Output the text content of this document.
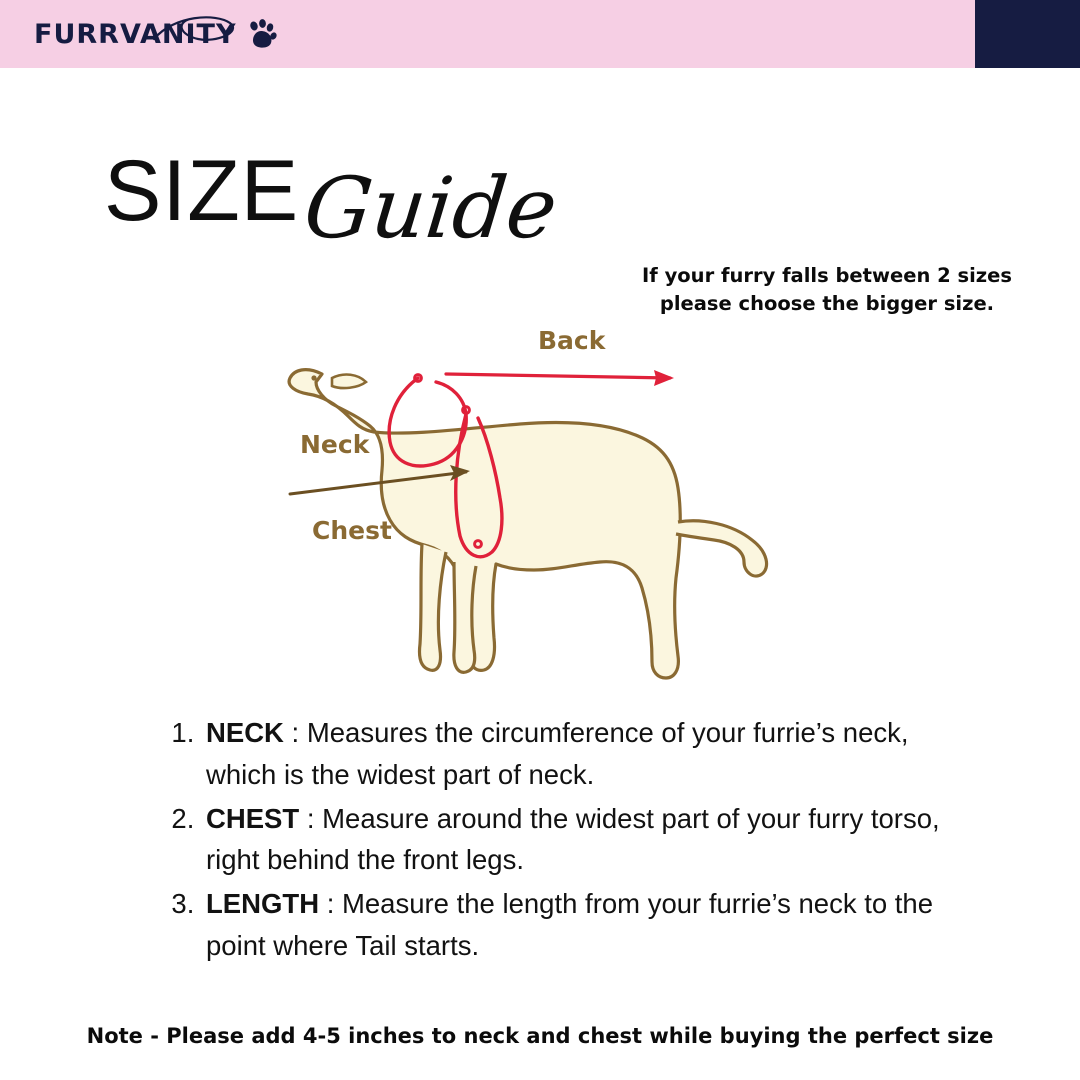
FURRVANITY
SIZE Guide
If your furry falls between 2 sizes please choose the bigger size.
Back
Neck
Chest
1. NECK : Measures the circumference of your furrie’s neck, which is the widest part of neck.
2. CHEST : Measure around the widest part of your furry torso, right behind the front legs.
3. LENGTH : Measure the length from your furrie’s neck to the point where Tail starts.
Note - Please add 4-5 inches to neck and chest while buying the perfect size
